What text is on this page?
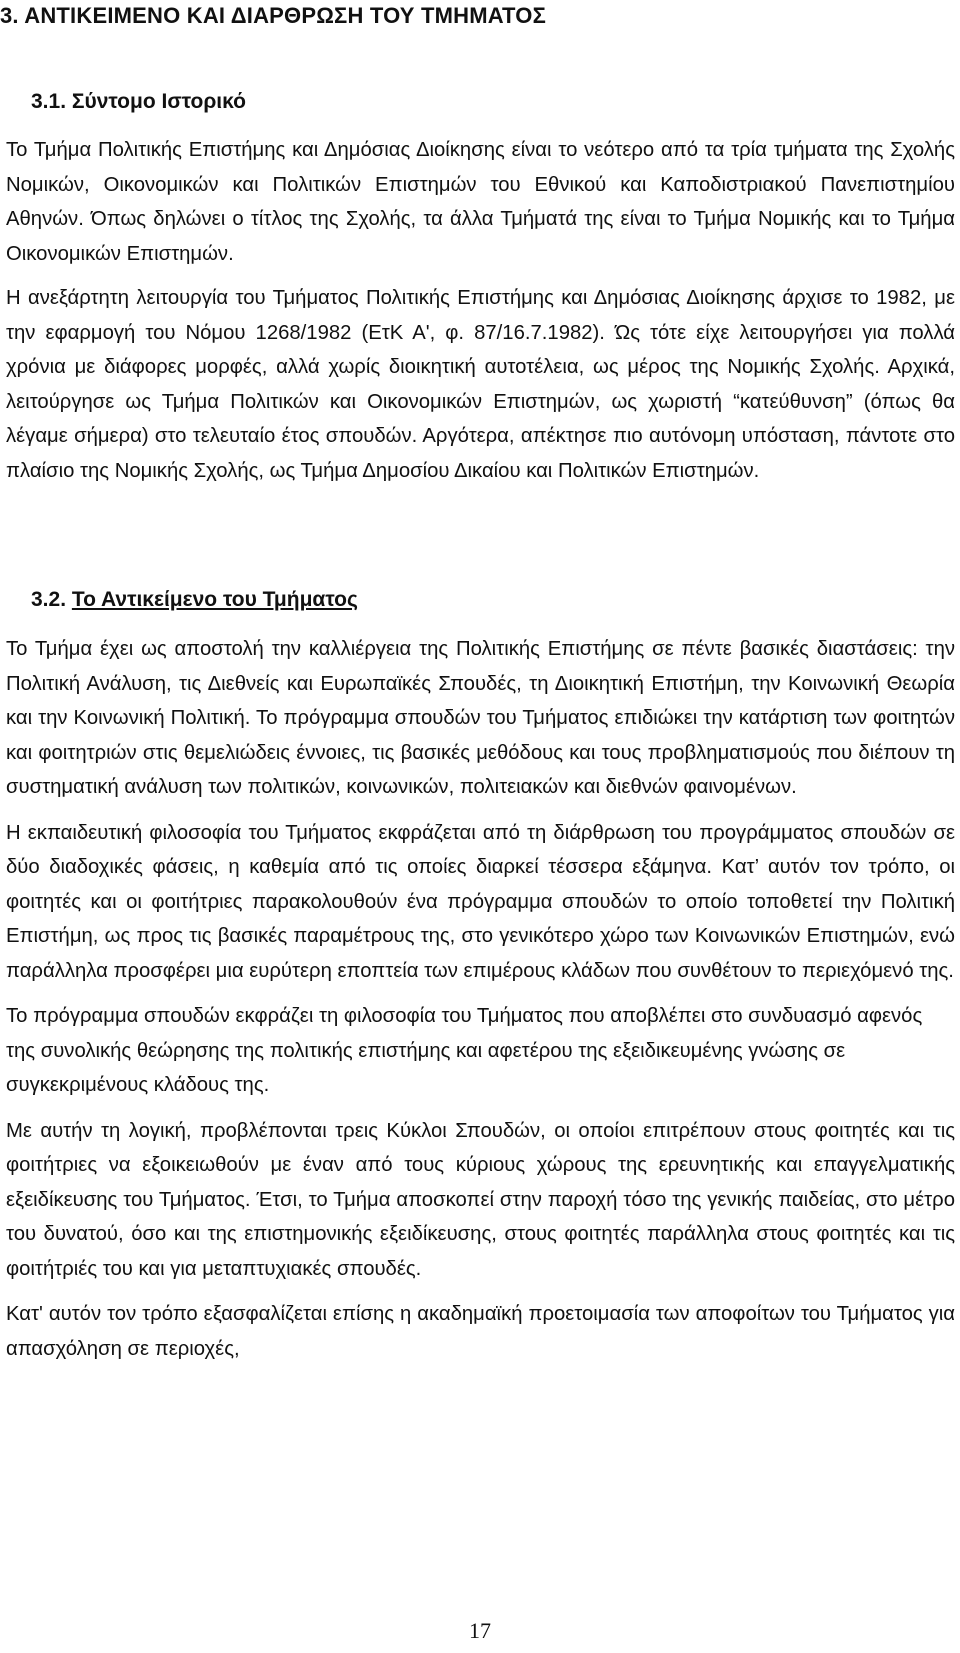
3. ΑΝΤΙΚΕΙΜΕΝΟ ΚΑΙ ΔΙΑΡΘΡΩΣΗ ΤΟΥ ΤΜΗΜΑΤΟΣ
3.1. Σύντομο Ιστορικό

Το Τμήμα Πολιτικής Επιστήμης και Δημόσιας Διοίκησης είναι το νεότερο από τα τρία τμήματα της Σχολής Νομικών, Οικονομικών και Πολιτικών Επιστημών του Εθνικού και Καποδιστριακού Πανεπιστημίου Αθηνών. Όπως δηλώνει ο τίτλος της Σχολής, τα άλλα Τμήματά της είναι το Τμήμα Νομικής και το Τμήμα Οικονομικών Επιστημών.

Η ανεξάρτητη λειτουργία του Τμήματος Πολιτικής Επιστήμης και Δημόσιας Διοίκησης άρχισε το 1982, με την εφαρμογή του Νόμου 1268/1982 (ΕτΚ Α', φ. 87/16.7.1982). Ώς τότε είχε λειτουργήσει για πολλά χρόνια με διάφορες μορφές, αλλά χωρίς διοικητική αυτοτέλεια, ως μέρος της Νομικής Σχολής. Αρχικά, λειτούργησε ως Τμήμα Πολιτικών και Οικονομικών Επιστημών, ως χωριστή “κατεύθυνση” (όπως θα λέγαμε σήμερα) στο τελευταίο έτος σπουδών. Αργότερα, απέκτησε πιο αυτόνομη υπόσταση, πάντοτε στο πλαίσιο της Νομικής Σχολής, ως Τμήμα Δημοσίου Δικαίου και Πολιτικών Επιστημών.

3.2. Το Αντικείμενο του Τμήματος

Το Τμήμα έχει ως αποστολή την καλλιέργεια της Πολιτικής Επιστήμης σε πέντε βασικές διαστάσεις: την Πολιτική Ανάλυση, τις Διεθνείς και Ευρωπαϊκές Σπουδές, τη Διοικητική Επιστήμη, την Κοινωνική Θεωρία και την Κοινωνική Πολιτική. Το πρόγραμμα σπουδών του Τμήματος επιδιώκει την κατάρτιση των φοιτητών και φοιτητριών στις θεμελιώδεις έννοιες, τις βασικές μεθόδους και τους προβληματισμούς που διέπουν τη συστηματική ανάλυση των πολιτικών, κοινωνικών, πολιτειακών και διεθνών φαινομένων.

Η εκπαιδευτική φιλοσοφία του Τμήματος εκφράζεται από τη διάρθρωση του προγράμματος σπουδών σε δύο διαδοχικές φάσεις, η καθεμία από τις οποίες διαρκεί τέσσερα εξάμηνα. Κατ’ αυτόν τον τρόπο, οι φοιτητές και οι φοιτήτριες παρακολουθούν ένα πρόγραμμα σπουδών το οποίο τοποθετεί την Πολιτική Επιστήμη, ως προς τις βασικές παραμέτρους της, στο γενικότερο χώρο των Κοινωνικών Επιστημών, ενώ παράλληλα προσφέρει μια ευρύτερη εποπτεία των επιμέρους κλάδων που συνθέτουν το περιεχόμενό της.

Το πρόγραμμα σπουδών εκφράζει τη φιλοσοφία του Τμήματος που αποβλέπει στο συνδυασμό αφενός της συνολικής θεώρησης της πολιτικής επιστήμης και αφετέρου της εξειδικευμένης γνώσης σε συγκεκριμένους κλάδους της.

Με αυτήν τη λογική, προβλέπονται τρεις Κύκλοι Σπουδών, οι οποίοι επιτρέπουν στους φοιτητές και τις φοιτήτριες να εξοικειωθούν με έναν από τους κύριους χώρους της ερευνητικής και επαγγελματικής εξειδίκευσης του Τμήματος. Έτσι, το Τμήμα αποσκοπεί στην παροχή τόσο της γενικής παιδείας, στο μέτρο του δυνατού, όσο και της επιστημονικής εξειδίκευσης, στους φοιτητές παράλληλα στους φοιτητές και τις φοιτήτριές του και για μεταπτυχιακές σπουδές.

Κατ' αυτόν τον τρόπο εξασφαλίζεται επίσης η ακαδημαϊκή προετοιμασία των αποφοίτων του Τμήματος για απασχόληση σε περιοχές,

17
